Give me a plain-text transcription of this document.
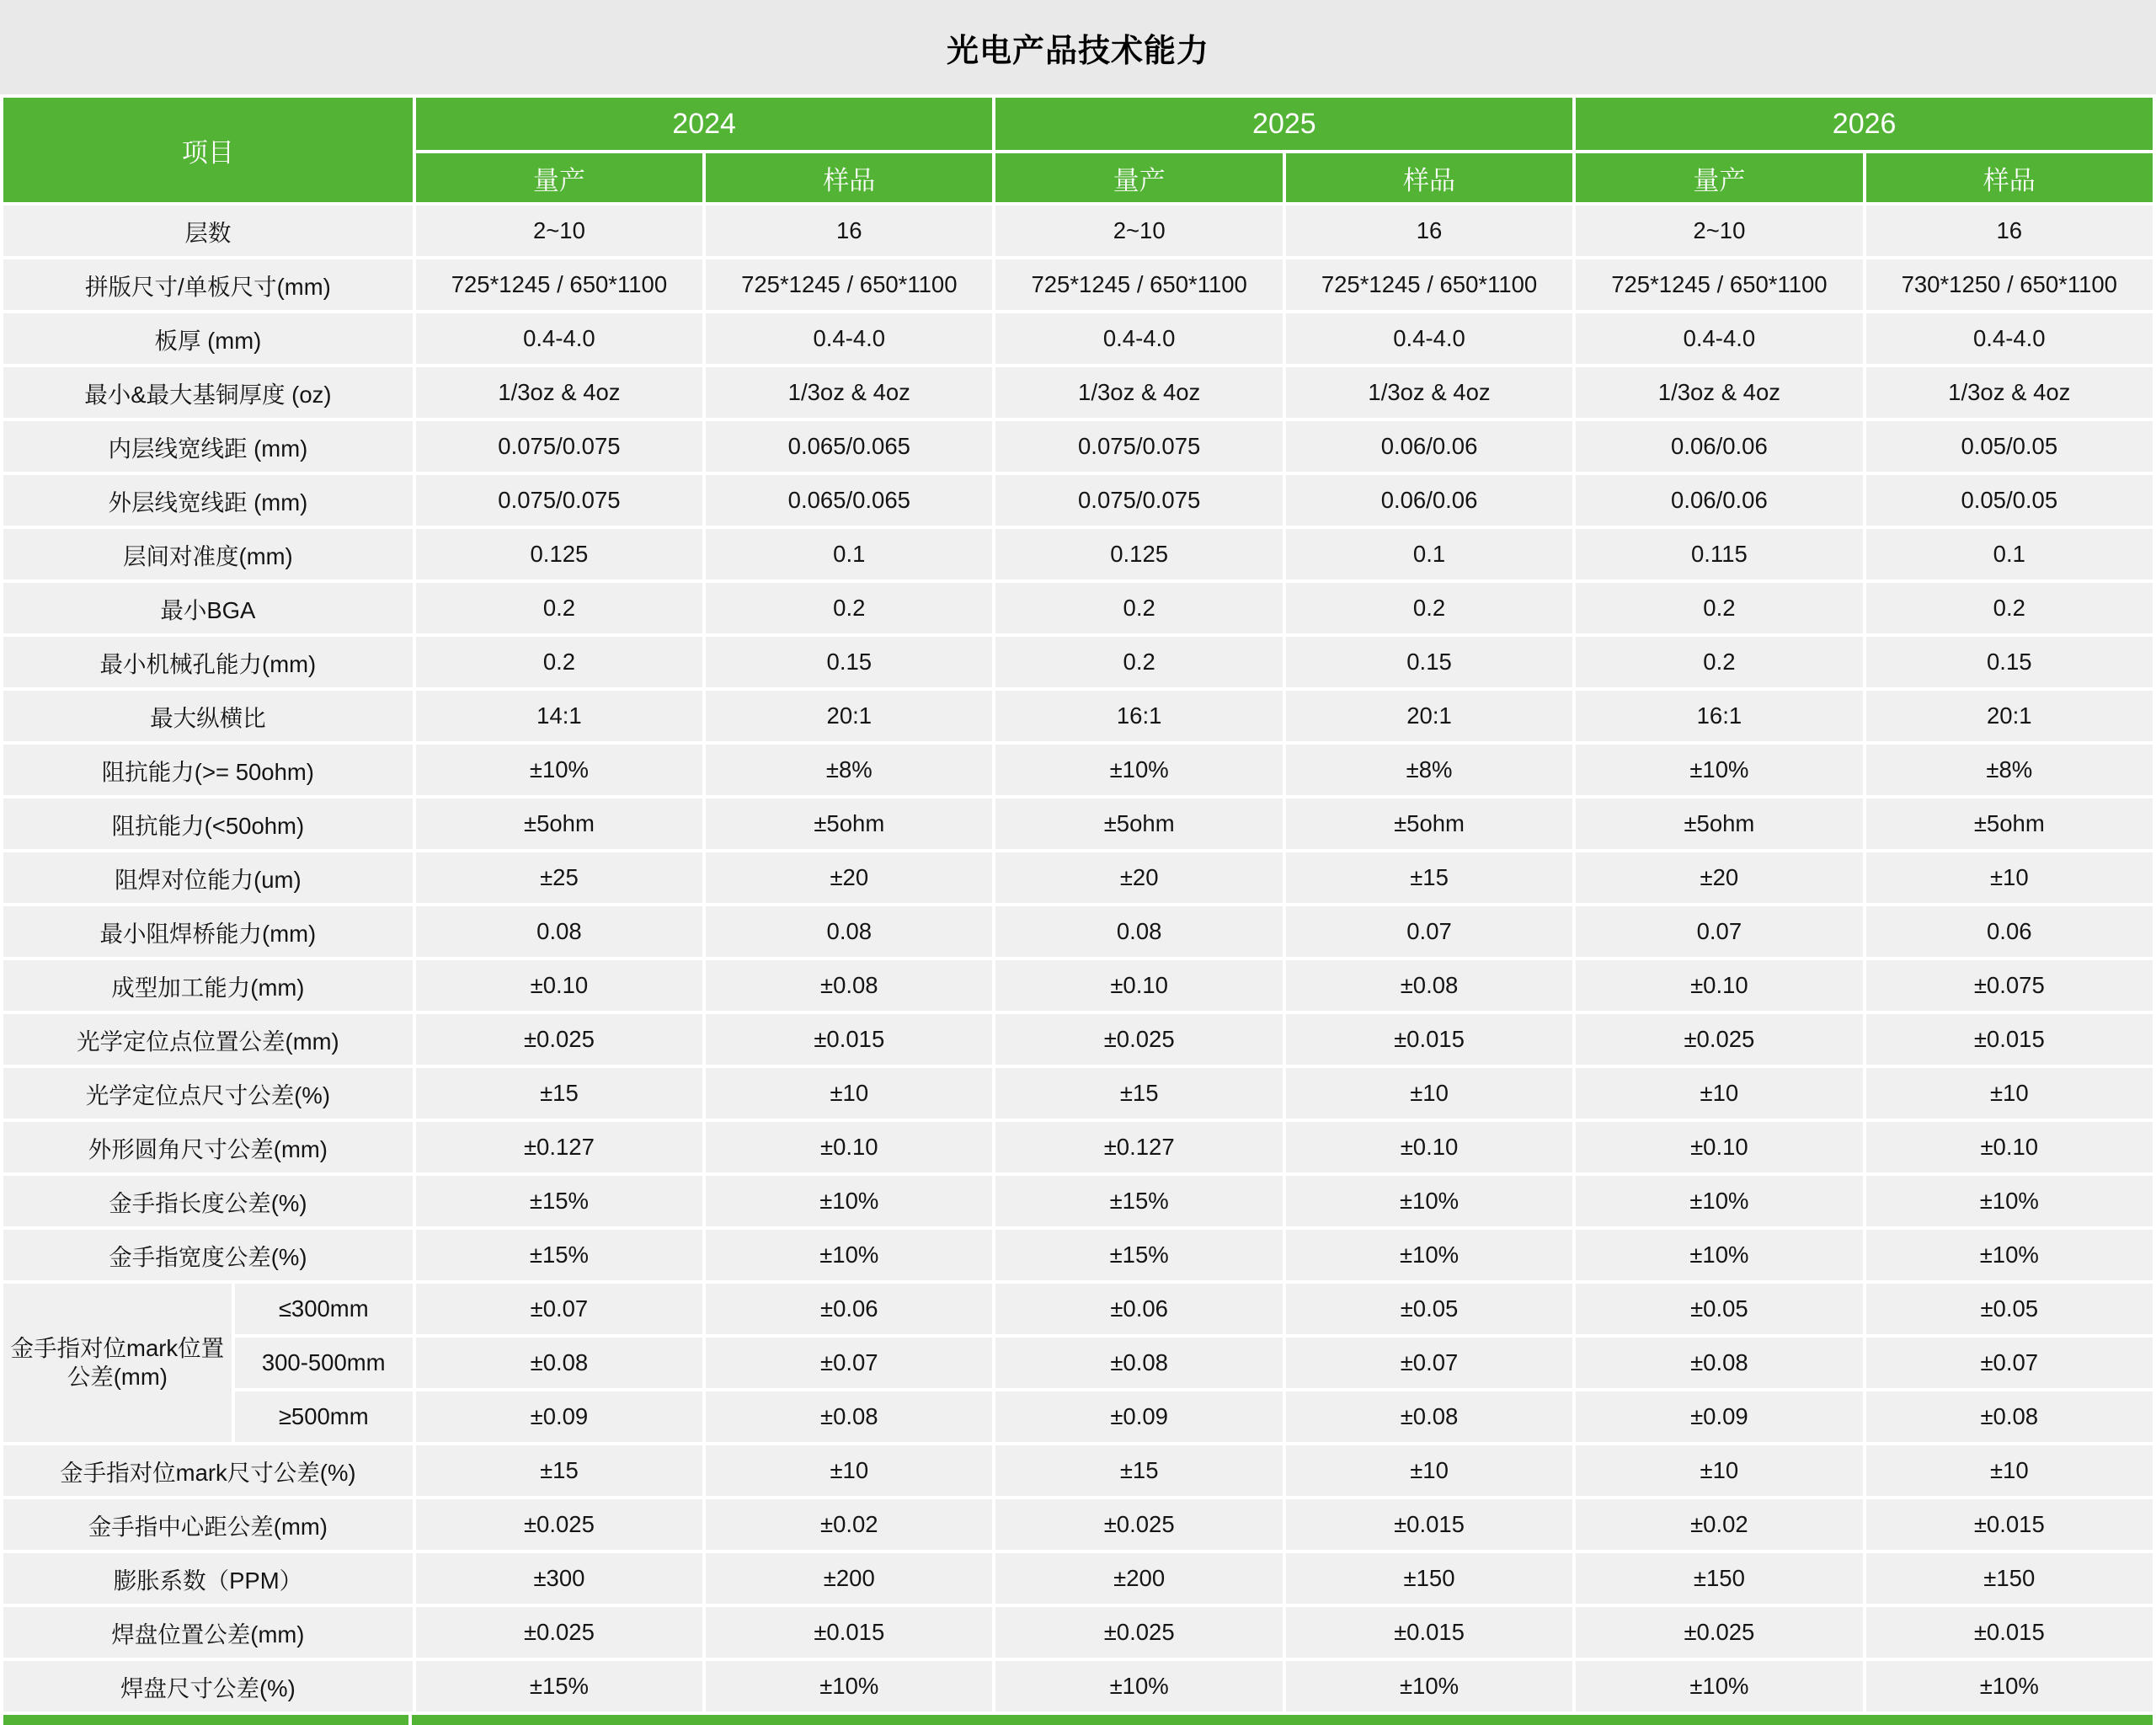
光电产品技术能力
项目		2024		2025		2026	
		量产	样品	量产	样品	量产	样品
层数		2~10	16	2~10	16	2~10	16
拼版尺寸/单板尺寸(mm)		725*1245 / 650*1100	725*1245 / 650*1100	725*1245 / 650*1100	725*1245 / 650*1100	725*1245 / 650*1100	730*1250 / 650*1100
板厚 (mm)		0.4-4.0	0.4-4.0	0.4-4.0	0.4-4.0	0.4-4.0	0.4-4.0
最小&最大基铜厚度 (oz)		1/3oz & 4oz	1/3oz & 4oz	1/3oz & 4oz	1/3oz & 4oz	1/3oz & 4oz	1/3oz & 4oz
内层线宽线距 (mm)		0.075/0.075	0.065/0.065	0.075/0.075	0.06/0.06	0.06/0.06	0.05/0.05
外层线宽线距 (mm)		0.075/0.075	0.065/0.065	0.075/0.075	0.06/0.06	0.06/0.06	0.05/0.05
层间对准度(mm)		0.125	0.1	0.125	0.1	0.115	0.1
最小BGA		0.2	0.2	0.2	0.2	0.2	0.2
最小机械孔能力(mm)		0.2	0.15	0.2	0.15	0.2	0.15
最大纵横比		14:1	20:1	16:1	20:1	16:1	20:1
阻抗能力(>= 50ohm)		±10%	±8%	±10%	±8%	±10%	±8%
阻抗能力(<50ohm)		±5ohm	±5ohm	±5ohm	±5ohm	±5ohm	±5ohm
阻焊对位能力(um)		±25	±20	±20	±15	±20	±10
最小阻焊桥能力(mm)		0.08	0.08	0.08	0.07	0.07	0.06
成型加工能力(mm)		±0.10	±0.08	±0.10	±0.08	±0.10	±0.075
光学定位点位置公差(mm)		±0.025	±0.015	±0.025	±0.015	±0.025	±0.015
光学定位点尺寸公差(%)		±15	±10	±15	±10	±10	±10
外形圆角尺寸公差(mm)		±0.127	±0.10	±0.127	±0.10	±0.10	±0.10
金手指长度公差(%)		±15%	±10%	±15%	±10%	±10%	±10%
金手指宽度公差(%)		±15%	±10%	±15%	±10%	±10%	±10%
金手指对位mark位置公差(mm)	≤300mm	±0.07	±0.06	±0.06	±0.05	±0.05	±0.05
	300-500mm	±0.08	±0.07	±0.08	±0.07	±0.08	±0.07
	≥500mm	±0.09	±0.08	±0.09	±0.08	±0.09	±0.08
金手指对位mark尺寸公差(%)		±15	±10	±15	±10	±10	±10
金手指中心距公差(mm)		±0.025	±0.02	±0.025	±0.015	±0.02	±0.015
膨胀系数（PPM）		±300	±200	±200	±150	±150	±150
焊盘位置公差(mm)		±0.025	±0.015	±0.025	±0.015	±0.025	±0.015
焊盘尺寸公差(%)		±15%	±10%	±10%	±10%	±10%	±10%
